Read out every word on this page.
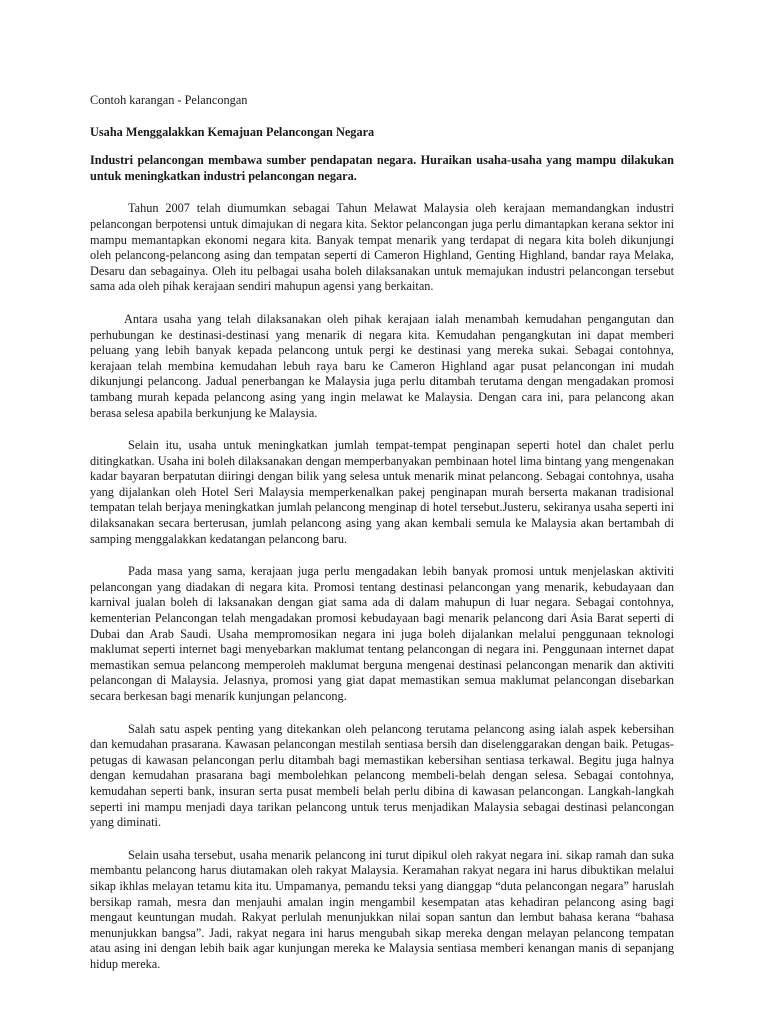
Contoh karangan - Pelancongan

Usaha Menggalakkan Kemajuan Pelancongan Negara

Industri pelancongan membawa sumber pendapatan negara. Huraikan usaha-usaha yang mampu dilakukan untuk meningkatkan industri pelancongan negara.

Tahun 2007 telah diumumkan sebagai Tahun Melawat Malaysia oleh kerajaan memandangkan industri pelancongan berpotensi untuk dimajukan di negara kita. Sektor pelancongan juga perlu dimantapkan kerana sektor ini mampu memantapkan ekonomi negara kita. Banyak tempat menarik yang terdapat di negara kita boleh dikunjungi oleh pelancong-pelancong asing dan tempatan seperti di Cameron Highland, Genting Highland, bandar raya Melaka, Desaru dan sebagainya. Oleh itu pelbagai usaha boleh dilaksanakan untuk memajukan industri pelancongan tersebut sama ada oleh pihak kerajaan sendiri mahupun agensi yang berkaitan.

Antara usaha yang telah dilaksanakan oleh pihak kerajaan ialah menambah kemudahan pengangutan dan perhubungan ke destinasi-destinasi yang menarik di negara kita. Kemudahan pengangkutan ini dapat memberi peluang yang lebih banyak kepada pelancong untuk pergi ke destinasi yang mereka sukai. Sebagai contohnya, kerajaan telah membina kemudahan lebuh raya baru ke Cameron Highland agar pusat pelancongan ini mudah dikunjungi pelancong. Jadual penerbangan ke Malaysia juga perlu ditambah terutama dengan mengadakan promosi tambang murah kepada pelancong asing yang ingin melawat ke Malaysia. Dengan cara ini, para pelancong akan berasa selesa apabila berkunjung ke Malaysia.

Selain itu, usaha untuk meningkatkan jumlah tempat-tempat penginapan seperti hotel dan chalet perlu ditingkatkan. Usaha ini boleh dilaksanakan dengan memperbanyakan pembinaan hotel lima bintang yang mengenakan kadar bayaran berpatutan diiringi dengan bilik yang selesa untuk menarik minat pelancong. Sebagai contohnya, usaha yang dijalankan oleh Hotel Seri Malaysia memperkenalkan pakej penginapan murah berserta makanan tradisional tempatan telah berjaya meningkatkan jumlah pelancong menginap di hotel tersebut.Justeru, sekiranya usaha seperti ini dilaksanakan secara berterusan, jumlah pelancong asing yang akan kembali semula ke Malaysia akan bertambah di samping menggalakkan kedatangan pelancong baru.

Pada masa yang sama, kerajaan juga perlu mengadakan lebih banyak promosi untuk menjelaskan aktiviti pelancongan yang diadakan di negara kita. Promosi tentang destinasi pelancongan yang menarik, kebudayaan dan karnival jualan boleh di laksanakan dengan giat sama ada di dalam mahupun di luar negara. Sebagai contohnya, kementerian Pelancongan telah mengadakan promosi kebudayaan bagi menarik pelancong dari Asia Barat seperti di Dubai dan Arab Saudi. Usaha mempromosikan negara ini juga boleh dijalankan melalui penggunaan teknologi maklumat seperti internet bagi menyebarkan maklumat tentang pelancongan di negara ini. Penggunaan internet dapat memastikan semua pelancong memperoleh maklumat berguna mengenai destinasi pelancongan menarik dan aktiviti pelancongan di Malaysia. Jelasnya, promosi yang giat dapat memastikan semua maklumat pelancongan disebarkan secara berkesan bagi menarik kunjungan pelancong.

Salah satu aspek penting yang ditekankan oleh pelancong terutama pelancong asing ialah aspek kebersihan dan kemudahan prasarana. Kawasan pelancongan mestilah sentiasa bersih dan diselenggarakan dengan baik. Petugas- petugas di kawasan pelancongan perlu ditambah bagi memastikan kebersihan sentiasa terkawal. Begitu juga halnya dengan kemudahan prasarana bagi membolehkan pelancong membeli-belah dengan selesa. Sebagai contohnya, kemudahan seperti bank, insuran serta pusat membeli belah perlu dibina di kawasan pelancongan. Langkah-langkah seperti ini mampu menjadi daya tarikan pelancong untuk terus menjadikan Malaysia sebagai destinasi pelancongan yang diminati.

Selain usaha tersebut, usaha menarik pelancong ini turut dipikul oleh rakyat negara ini. sikap ramah dan suka membantu pelancong harus diutamakan oleh rakyat Malaysia. Keramahan rakyat negara ini harus dibuktikan melalui sikap ikhlas melayan tetamu kita itu. Umpamanya, pemandu teksi yang dianggap “duta pelancongan negara” haruslah bersikap ramah, mesra dan menjauhi amalan ingin mengambil kesempatan atas kehadiran pelancong asing bagi mengaut keuntungan mudah. Rakyat perlulah menunjukkan nilai sopan santun dan lembut bahasa kerana “bahasa menunjukkan bangsa”. Jadi, rakyat negara ini harus mengubah sikap mereka dengan melayan pelancong tempatan atau asing ini dengan lebih baik agar kunjungan mereka ke Malaysia sentiasa memberi kenangan manis di sepanjang hidup mereka.
